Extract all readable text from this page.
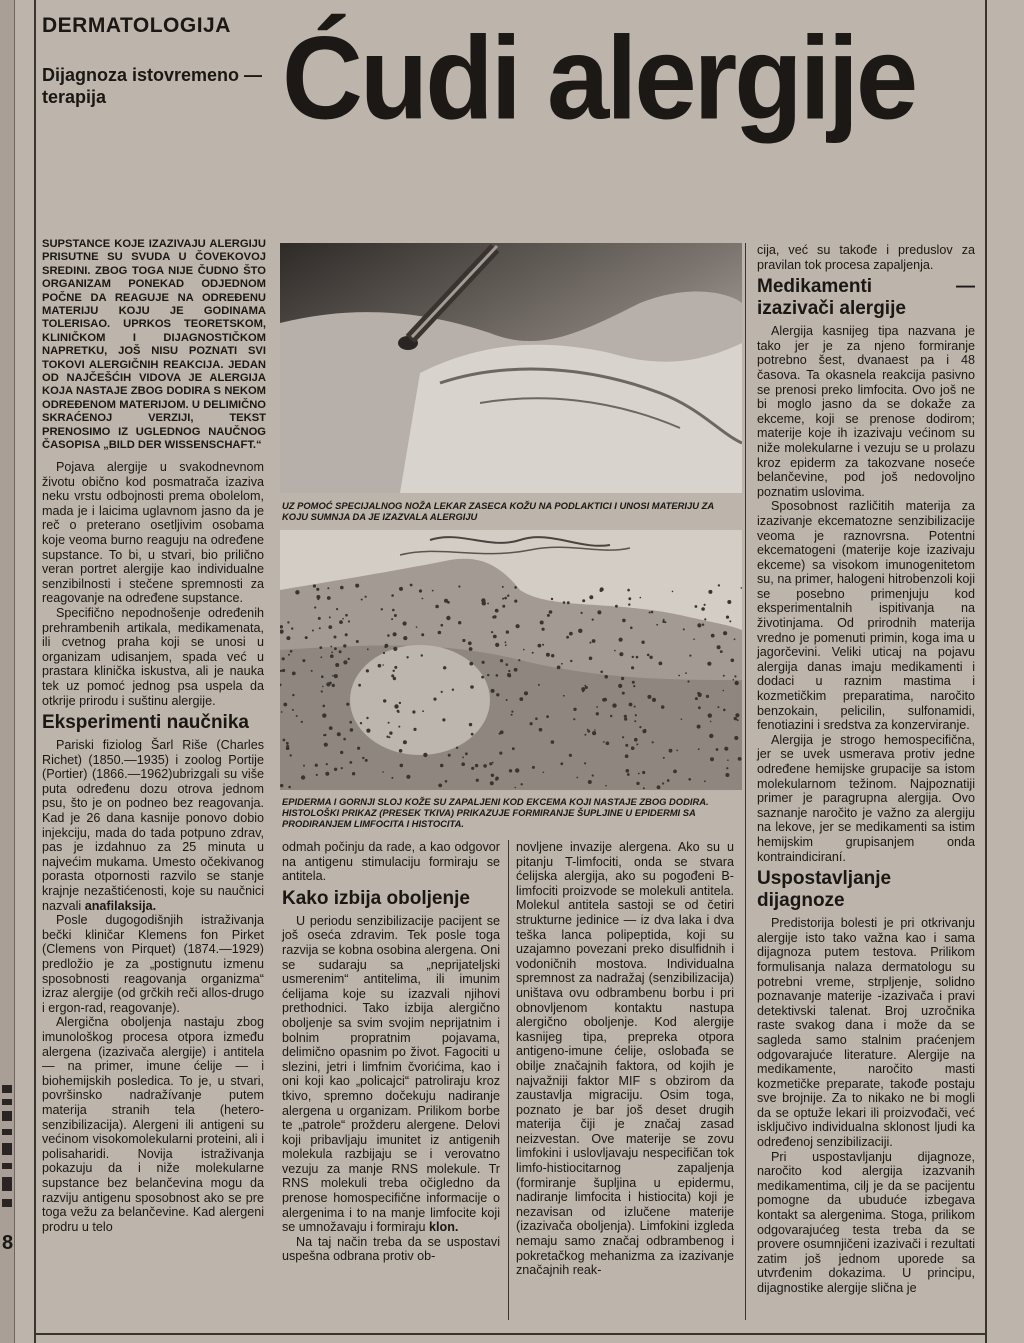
8
DERMATOLOGIJA
Dijagnoza istovremeno — terapija	Ćudi alergije
SUPSTANCE KOJE IZAZIVAJU ALERGIJU PRISUTNE SU SVUDA U ČOVEKOVOJ SREDINI. ZBOG TOGA NIJE ČUDNO ŠTO ORGANIZAM PONEKAD ODJEDNOM POČNE DA REAGUJE NA ODREĐENU MATERIJU KOJU JE GODINAMA TOLERISAO. UPRKOS TEORETSKOM, KLINIČKOM I DIJAGNOSTIČKOM NAPRETKU, JOŠ NISU POZNATI SVI TOKOVI ALERGIČNIH REAKCIJA. JEDAN OD NAJČEŠĆIH VIDOVA JE ALERGIJA KOJA NASTAJE ZBOG DODIRA S NEKOM ODREĐENOM MATERIJOM. U DELIMIČNO SKRAĆENOJ VERZIJI, TEKST PRENOSIMO IZ UGLEDNOG NAUČNOG ČASOPISA „BILD DER WISSENSCHAFT.“
UZ POMOĆ SPECIJALNOG NOŽA LEKAR ZASECA KOŽU NA PODLAKTICI I UNOSI MATERIJU ZA KOJU SUMNJA DA JE IZAZVALA ALERGIJU
EPIDERMA I GORNJI SLOJ KOŽE SU ZAPALJENI KOD EKCEMA KOJI NASTAJE ZBOG DODIRA. HISTOLOŠKI PRIKAZ (PRESEK TKIVA) PRIKAZUJE FORMIRANJE ŠUPLJINE U EPIDERMI SA PRODIRANJEM LIMFOCITA I HISTOCITA.

Pojava alergije u svakodnevnom životu obično kod posmatrača izaziva neku vrstu odbojnosti prema obolelom, mada je i laicima uglavnom jasno da je reč o preterano osetljivim osobama koje veoma burno reaguju na određene supstance. To bi, u stvari, bio prilično veran portret alergije kao individualne senzibilnosti i stečene spremnosti za reagovanje na određene supstance.

Specifično nepodnošenje određenih prehrambenih artikala, medikamenata, ili cvetnog praha koji se unosi u organizam udisanjem, spada već u prastara klinička iskustva, ali je nauka tek uz pomoć jednog psa uspela da otkrije prirodu i suštinu alergije.

Eksperimenti naučnika

Pariski fiziolog Šarl Riše (Charles Richet) (1850.—1935) i zoolog Portije (Portier) (1866.—1962)ubrizgali su više puta određenu dozu otrova jednom psu, što je on podneo bez reagovanja. Kad je 26 dana kasnije ponovo dobio injekciju, mada do tada potpuno zdrav, pas je izdahnuo za 25 minuta u najvećim mukama. Umesto očekivanog porasta otpornosti razvilo se stanje krajnje nezaštićenosti, koje su naučnici nazvali anafilaksija.

Posle dugogodišnjih istraživanja bečki kliničar Klemens fon Pirket (Clemens von Pirquet) (1874.—1929) predložio je za „postignutu izmenu sposobnosti reagovanja organizma“ izraz alergije (od grčkih reči allos-drugo i ergon-rad, reagovanje).

Alergična oboljenja nastaju zbog imunološkog procesa otpora između alergena (izazivača alergije) i antitela — na primer, imune ćelije — i biohemijskih posledica. To je, u stvari, površinsko nadražívanje putem materija stranih tela (hetero-senzibilizacija). Alergeni ili antigeni su većinom visokomolekularni proteini, ali i polisaharidi. Novija istraživanja pokazuju da i niže molekularne supstance bez belančevina mogu da razviju antigenu sposobnost ako se pre toga vežu za belančevine. Kad alergeni prodru u telo

odmah počinju da rade, a kao odgovor na antigenu stimulaciju formiraju se antitela.

Kako izbija oboljenje

U periodu senzibilizacije pacijent se još oseća zdravim. Tek posle toga razvija se kobna osobina alergena. Oni se sudaraju sa „neprijateljski usmerenim“ antitelima, ili imunim ćelijama koje su izazvali njihovi prethodnici. Tako izbija alergično oboljenje sa svim svojim neprijatnim i bolnim propratnim pojavama, delimično opasnim po život. Fagociti u slezini, jetri i limfnim čvorićima, kao i oni koji kao „policajci“ patroliraju kroz tkivo, spremno dočekuju nadiranje alergena u organizam. Prilikom borbe te „patrole“ prožderu alergene. Delovi koji pribavljaju imunitet iz antigenih molekula razbijaju se i verovatno vezuju za manje RNS molekule. Tr RNS molekuli treba očigledno da prenose homospecifične informacije o alergenima i to na manje limfocite koji se umnožavaju i formiraju klon.

Na taj način treba da se uspostavi uspešna odbrana protiv ob-

novljene invazije alergena. Ako su u pitanju T-limfociti, onda se stvara ćelijska alergija, ako su pogođeni B-limfociti proizvode se molekuli antitela. Molekul antitela sastoji se od četiri strukturne jedinice — iz dva laka i dva teška lanca polipeptida, koji su uzajamno povezani preko disulfidnih i vodoničnih mostova. Individualna spremnost za nadražaj (senzibilizacija) uništava ovu odbrambenu borbu i pri obnovljenom kontaktu nastupa alergično oboljenje. Kod alergije kasnijeg tipa, prepreka otpora antigeno-imune ćelije, oslobađa se obilje značajnih faktora, od kojih je najvažniji faktor MIF s obzirom da zaustavlja migraciju. Osim toga, poznato je bar još deset drugih materija čiji je značaj zasad neizvestan. Ove materije se zovu limfokini i uslovljavaju nespecifičan tok limfo-histiocitarnog zapaljenja (formiranje šupljina u epidermu, nadiranje limfocita i histiocita) koji je nezavisan od izlučene materije (izazivača oboljenja). Limfokini izgleda nemaju samo značaj odbrambenog i pokretačkog mehanizma za izazivanje značajnih reak-

cija, već su takođe i preduslov za pravilan tok procesa zapaljenja.

Medikamenti — izazivači alergije

Alergija kasnijeg tipa nazvana je tako jer je za njeno formiranje potrebno šest, dvanaest pa i 48 časova. Ta okasnela reakcija pasivno se prenosi preko limfocita. Ovo još ne bi moglo jasno da se dokaže za ekceme, koji se prenose dodirom; materije koje ih izazivaju većinom su niže molekularne i vezuju se u prolazu kroz epiderm za takozvane noseće belančevine, pod još nedovoljno poznatim uslovima.

Sposobnost različitih materija za izazivanje ekcematozne senzibilizacije veoma je raznovrsna. Potentni ekcematogeni (materije koje izazivaju ekceme) sa visokom imunogenitetom su, na primer, halogeni hitrobenzoli koji se posebno primenjuju kod eksperimentalnih ispitivanja na životinjama. Od prirodnih materija vredno je pomenuti primin, koga ima u jagorčevini. Veliki uticaj na pojavu alergija danas imaju medikamenti i dodaci u raznim mastima i kozmetičkim preparatima, naročito benzokain, pelicilin, sulfonamidi, fenotiazini i sredstva za konzerviranje.

Alergija je strogo hemospecifična, jer se uvek usmerava protiv jedne određene hemijske grupacije sa istom molekularnom težinom. Najpoznatiji primer je paragrupna alergija. Ovo saznanje naročito je važno za alergiju na lekove, jer se medikamenti sa istim hemijskim grupisanjem onda kontraindiciraní.

Uspostavljanje dijagnoze

Predistorija bolesti je pri otkrivanju alergije isto tako važna kao i sama dijagnoza putem testova. Prilikom formulisanja nalaza dermatologu su potrebni vreme, strpljenje, solidno poznavanje materije -izazivača i pravi detektivski talenat. Broj uzročnika raste svakog dana i može da se sagleda samo stalnim praćenjem odgovarajuće literature. Alergije na medikamente, naročito masti kozmetičke preparate, takođe postaju sve brojnije. Za to nikako ne bi mogli da se optuže lekari ili proizvođači, već isključivo individualna sklonost ljudi ka određenoj senzibilizaciji.

Pri uspostavljanju dijagnoze, naročito kod alergija izazvanih medikamentima, cilj je da se pacijentu pomogne da ubuduće izbegava kontakt sa alergenima. Stoga, prilikom odgovarajućeg testa treba da se provere osumnjičeni izazivači i rezultati zatim još jednom uporede sa utvrđenim dokazima. U principu, dijagnostike alergije slična je
